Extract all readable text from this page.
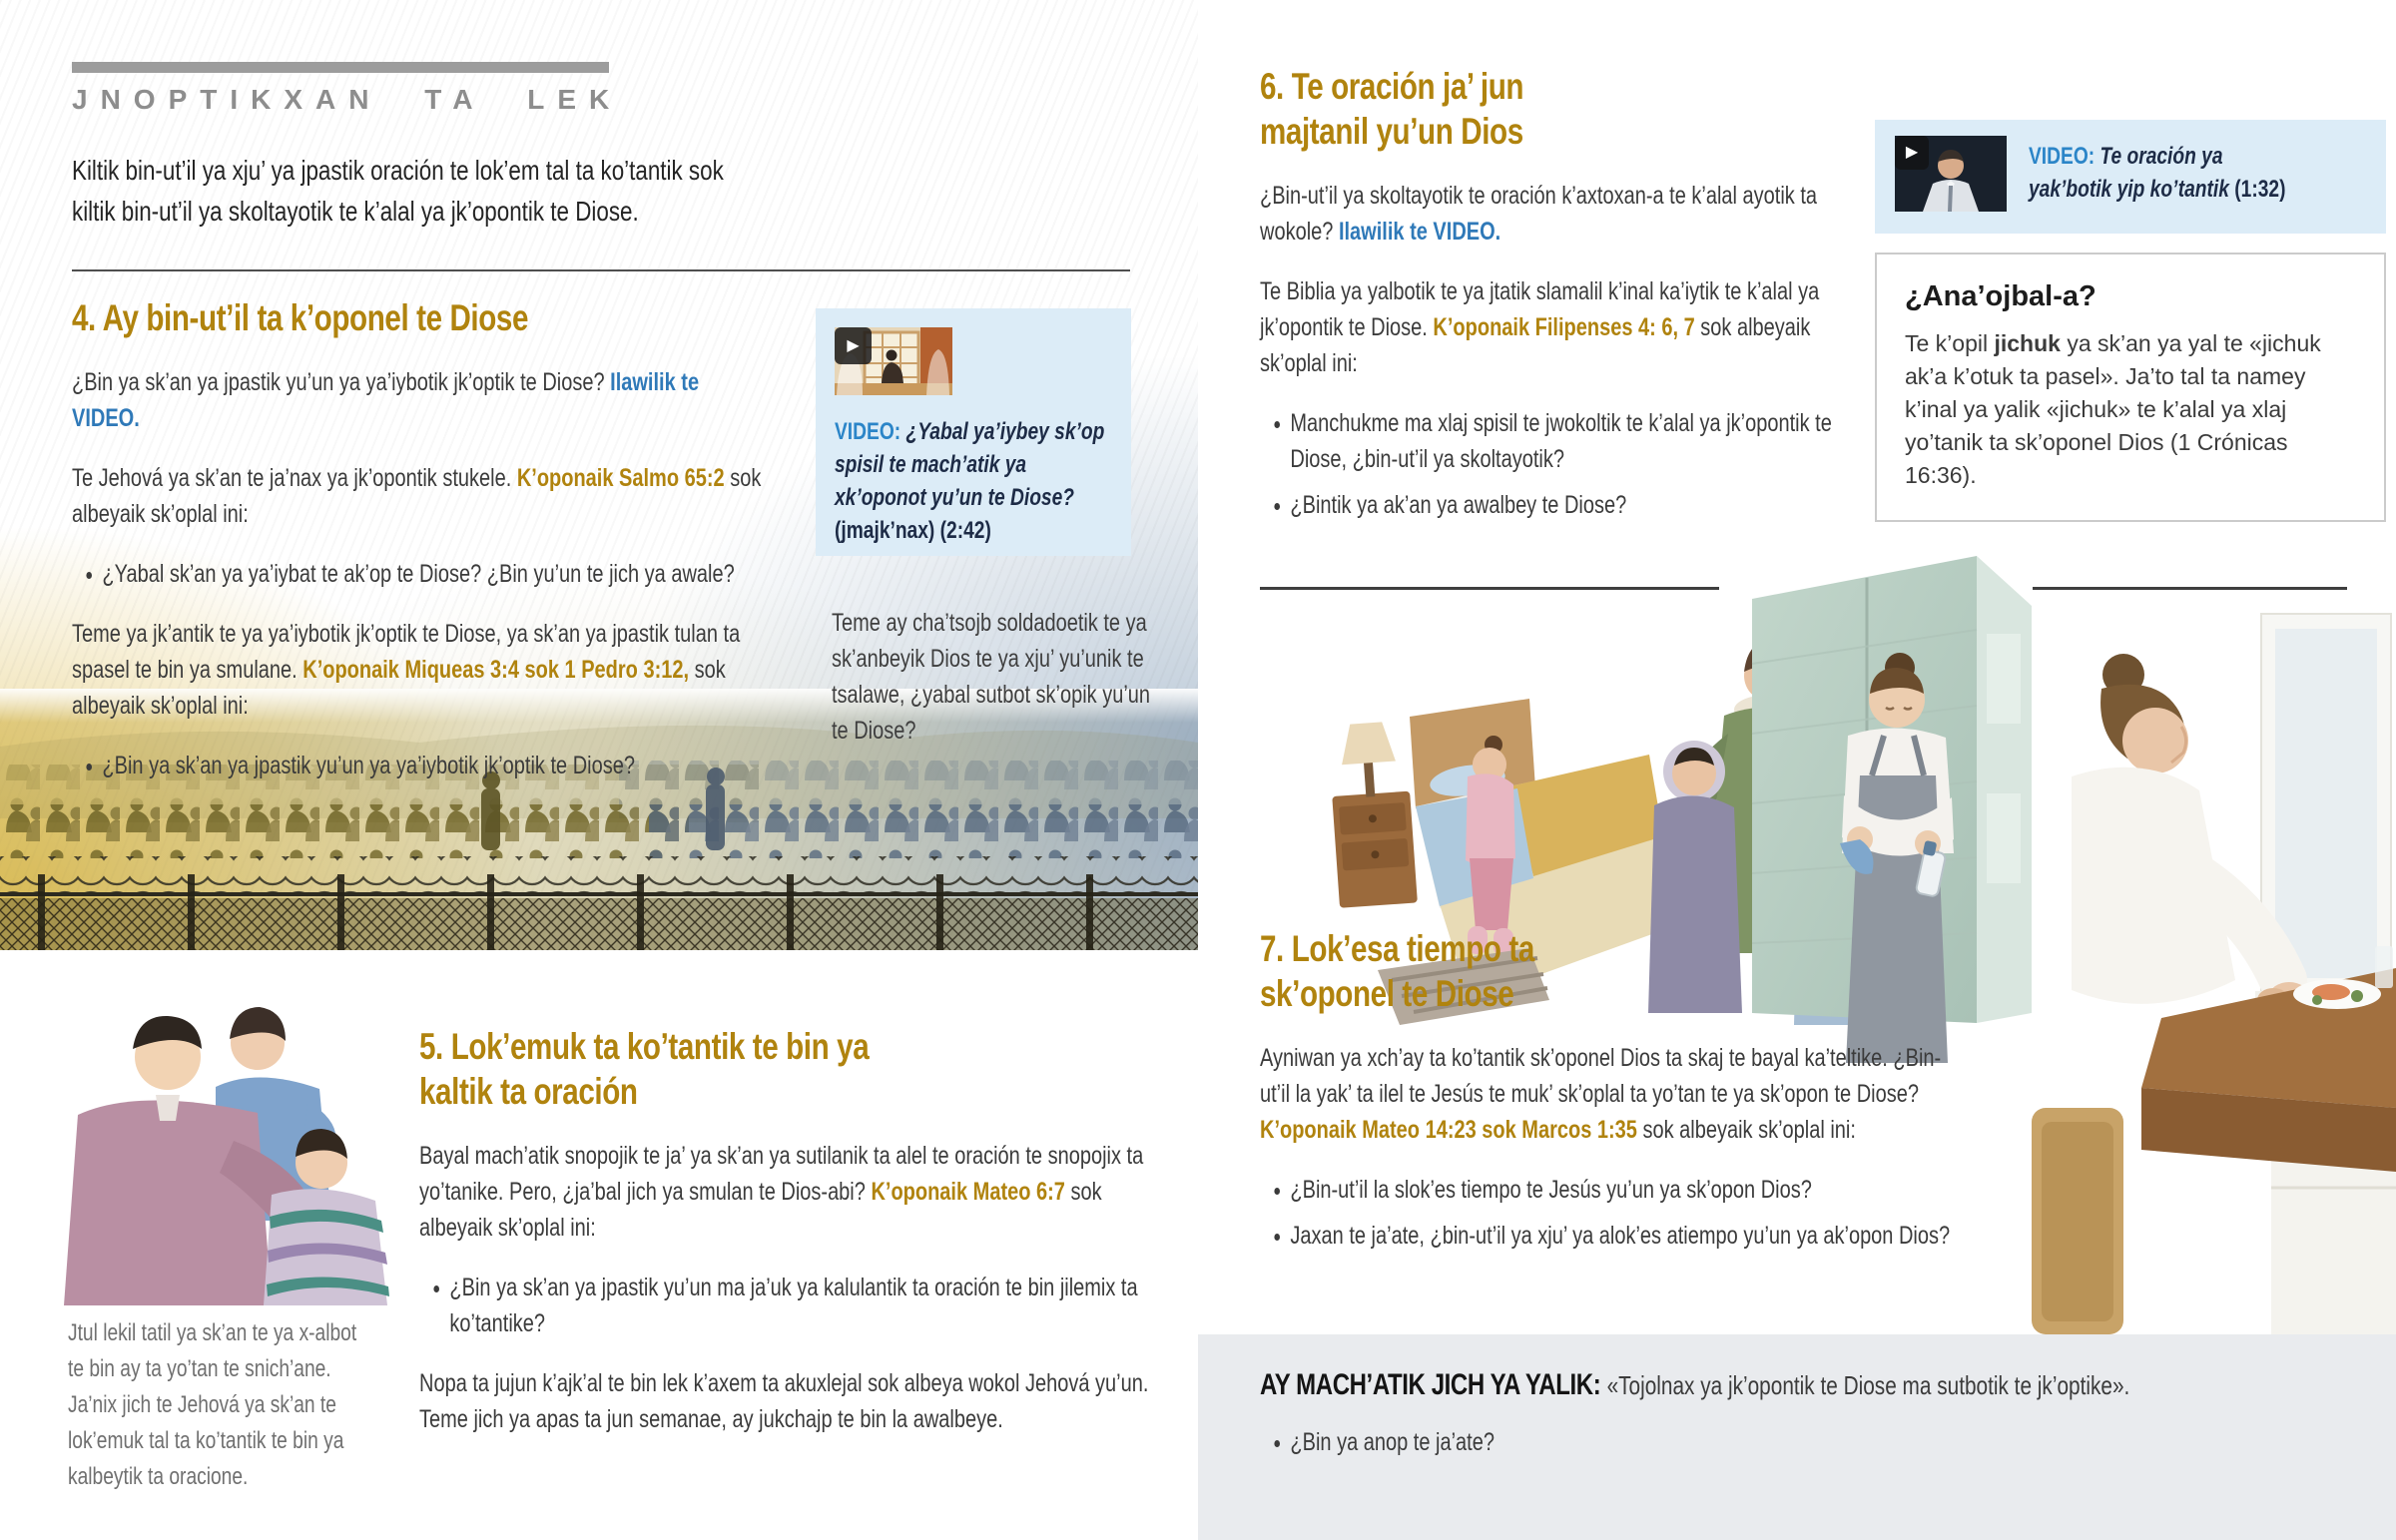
JNOPTIKXAN TA LEK
Kiltik bin-ut’il ya xju’ ya jpastik oración te lok’em tal ta ko’tantik sok kiltik bin-ut’il ya skoltayotik te k’alal ya jk’opontik te Diose.
4. Ay bin-ut’il ta k’oponel te Diose

¿Bin ya sk’an ya jpastik yu’un ya ya’iybotik jk’optik te Diose? Ilawilik te VIDEO.

Te Jehová ya sk’an te ja’nax ya jk’opontik stukele. K’oponaik Salmo 65:2 sok albeyaik sk’oplal ini:

• ¿Yabal sk’an ya ya’iybat te ak’op te Diose? ¿Bin yu’un te jich ya awale?

Teme ya jk’antik te ya ya’iybotik jk’optik te Diose, ya sk’an ya jpastik tulan ta spasel te bin ya smulane. K’oponaik Miqueas 3:4 sok 1 Pedro 3:12, sok albeyaik sk’oplal ini:

• ¿Bin ya sk’an ya jpastik yu’un ya ya’iybotik jk’optik te Diose?
▶
VIDEO: ¿Yabal ya’iybey sk’op spisil te mach’atik ya xk’oponot yu’un te Diose? (jmajk’nax) (2:42)
Teme ay cha’tsojb soldadoetik te ya sk’anbeyik Dios te ya xju’ yu’unik te tsalawe, ¿yabal sutbot sk’opik yu’un te Diose?
Jtul lekil tatil ya sk’an te ya x-albot te bin ay ta yo’tan te snich’ane. Ja’nix jich te Jehová ya sk’an te lok’emuk tal ta ko’tantik te bin ya kalbeytik ta oracione.
5. Lok’emuk ta ko’tantik te bin ya kaltik ta oración

Bayal mach’atik snopojik te ja’ ya sk’an ya sutilanik ta alel te oración te snopojix ta yo’tanike. Pero, ¿ja’bal jich ya smulan te Dios-abi? K’oponaik Mateo 6:7 sok albeyaik sk’oplal ini:

• ¿Bin ya sk’an ya jpastik yu’un ma ja’uk ya kalulantik ta oración te bin jilemix ta ko’tantike?

Nopa ta jujun k’ajk’al te bin lek k’axem ta akuxlejal sok albeya wokol Jehová yu’un. Teme jich ya apas ta jun semanae, ay jukchajp te bin la awalbeye.

6. Te oración ja’ jun majtanil yu’un Dios

¿Bin-ut’il ya skoltayotik te oración k’axtoxan-a te k’alal ayotik ta wokole? Ilawilik te VIDEO.

Te Biblia ya yalbotik te ya jtatik slamalil k’inal ka’iytik te k’alal ya jk’opontik te Diose. K’oponaik Filipenses 4: 6, 7 sok albeyaik sk’oplal ini:

• Manchukme ma xlaj spisil te jwokoltik te k’alal ya jk’opontik te Diose, ¿bin-ut’il ya skoltayotik?
• ¿Bintik ya ak’an ya awalbey te Diose?
▶	VIDEO: Te oración ya yak’botik yip ko’tantik (1:32)
¿Ana’ojbal-a?
Te k’opil jichuk ya sk’an ya yal te «jichuk ak’a k’otuk ta pasel». Ja’to tal ta namey k’inal ya yalik «jichuk» te k’alal ya xlaj yo’tanik ta sk’oponel Dios (1 Crónicas 16:36).
7. Lok’esa tiempo ta sk’oponel te Diose

Ayniwan ya xch’ay ta ko’tantik sk’oponel Dios ta skaj te bayal ka’teltike. ¿Bin-ut’il la yak’ ta ilel te Jesús te muk’ sk’oplal ta yo’tan te ya sk’opon te Diose? K’oponaik Mateo 14:23 sok Marcos 1:35 sok albeyaik sk’oplal ini:

• ¿Bin-ut’il la slok’es tiempo te Jesús yu’un ya sk’opon Dios?
• Jaxan te ja’ate, ¿bin-ut’il ya xju’ ya alok’es atiempo yu’un ya ak’opon Dios?
AY MACH’ATIK JICH YA YALIK: «Tojolnax ya jk’opontik te Diose ma sutbotik te jk’optike».
• ¿Bin ya anop te ja’ate?
